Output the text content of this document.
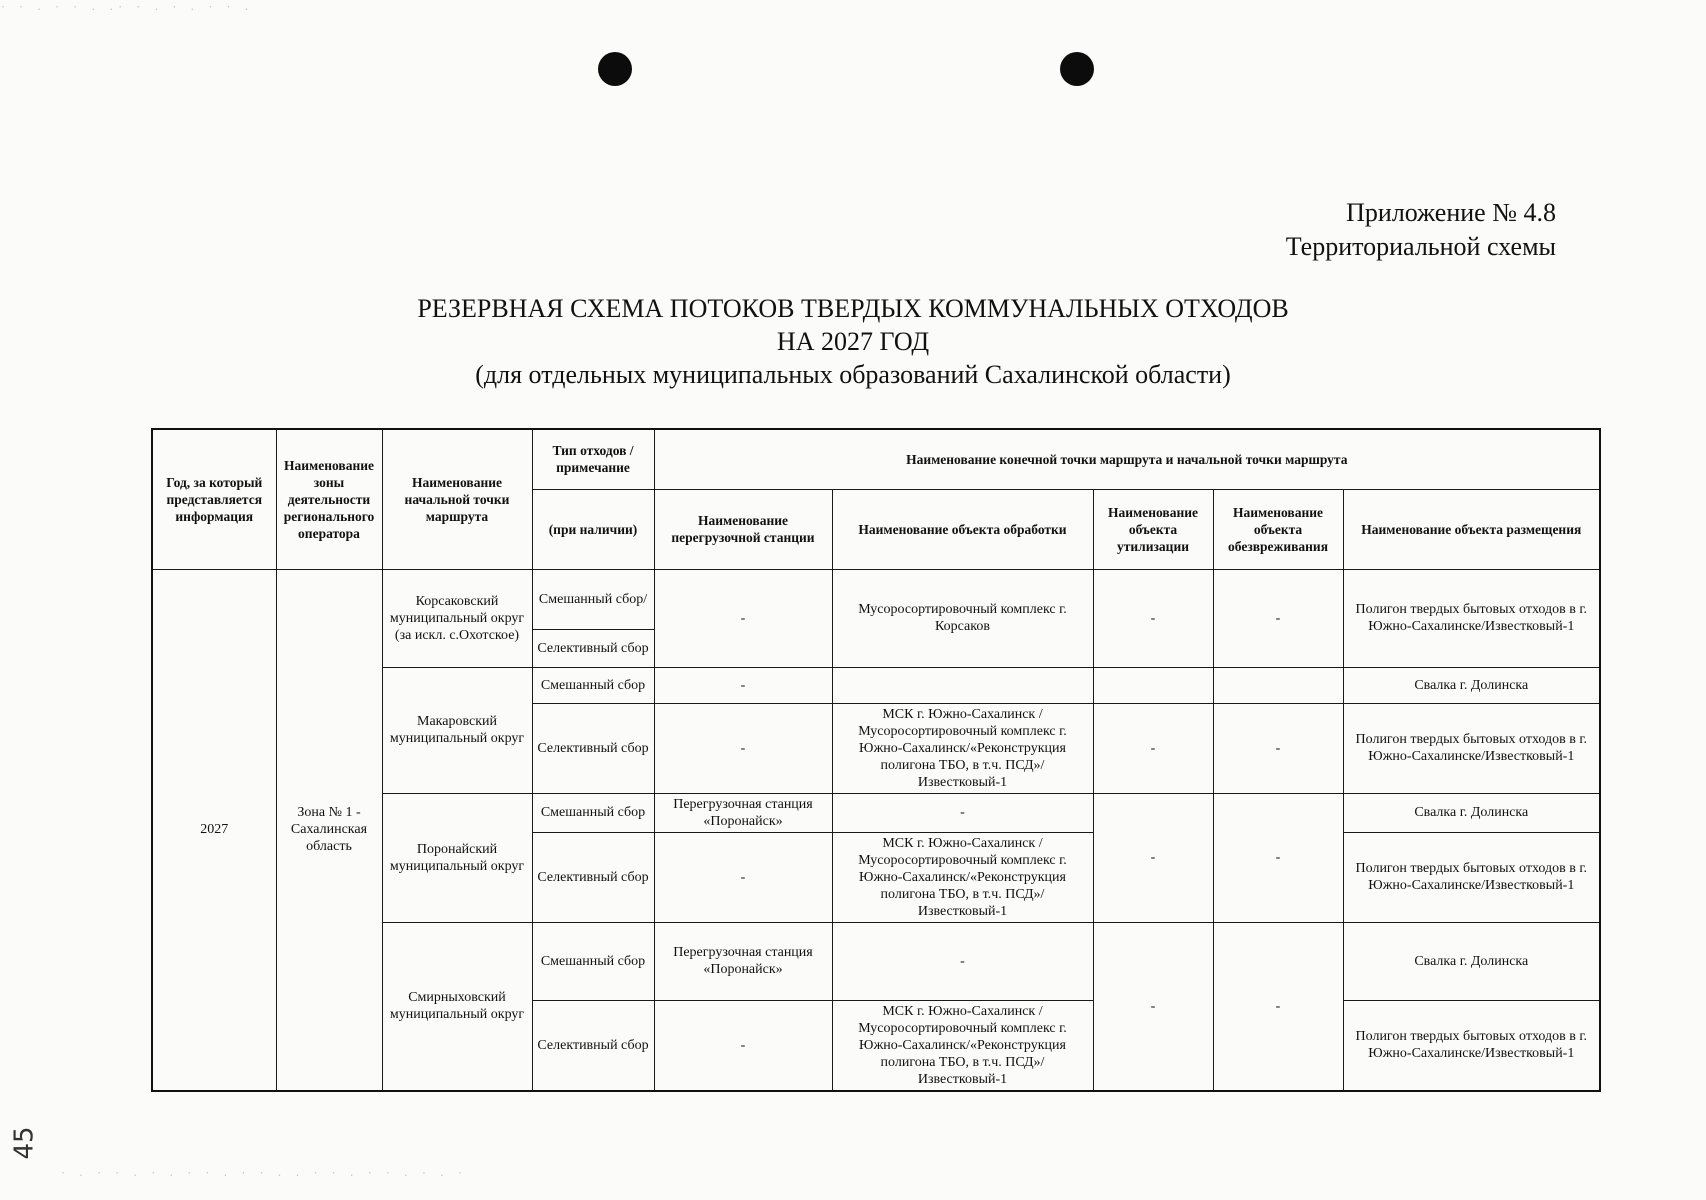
· · . · · . .· · . · . · · .
· . · · . · . · · . · · . . · · . · · . · . ·
45
Приложение № 4.8
Территориальной схемы
РЕЗЕРВНАЯ СХЕМА ПОТОКОВ ТВЕРДЫХ КОММУНАЛЬНЫХ ОТХОДОВ
НА 2027 ГОД
(для отдельных муниципальных образований Сахалинской области)
Год, за который представляется информация	Наименование зоны деятельности регионального оператора	Наименование начальной точки маршрута	Тип отходов / примечание	Наименование конечной точки маршрута и начальной точки маршрута				
			(при наличии)	Наименование перегрузочной станции	Наименование объекта обработки	Наименование объекта утилизации	Наименование объекта обезвреживания	Наименование объекта размещения
2027	Зона № 1 - Сахалинская область	Корсаковский муниципальный округ (за искл. с.Охотское)	Смешанный сбор/	-	Мусоросортировочный комплекс г. Корсаков	-	-	Полигон твердых бытовых отходов в г. Южно-Сахалинске/Известковый-1
			Селективный сбор					
		Макаровский муниципальный округ	Смешанный сбор	-				Свалка г. Долинска
			Селективный сбор	-	МСК г. Южно-Сахалинск / Мусоросортировочный комплекс г. Южно-Сахалинск/«Реконструкция полигона ТБО, в т.ч. ПСД»/Известковый-1	-	-	Полигон твердых бытовых отходов в г. Южно-Сахалинске/Известковый-1
		Поронайский муниципальный округ	Смешанный сбор	Перегрузочная станция «Поронайск»	-	-	-	Свалка г. Долинска
			Селективный сбор	-	МСК г. Южно-Сахалинск / Мусоросортировочный комплекс г. Южно-Сахалинск/«Реконструкция полигона ТБО, в т.ч. ПСД»/Известковый-1			Полигон твердых бытовых отходов в г. Южно-Сахалинске/Известковый-1
		Смирныховский муниципальный округ	Смешанный сбор	Перегрузочная станция «Поронайск»	-	-	-	Свалка г. Долинска
			Селективный сбор	-	МСК г. Южно-Сахалинск / Мусоросортировочный комплекс г. Южно-Сахалинск/«Реконструкция полигона ТБО, в т.ч. ПСД»/Известковый-1			Полигон твердых бытовых отходов в г. Южно-Сахалинске/Известковый-1
